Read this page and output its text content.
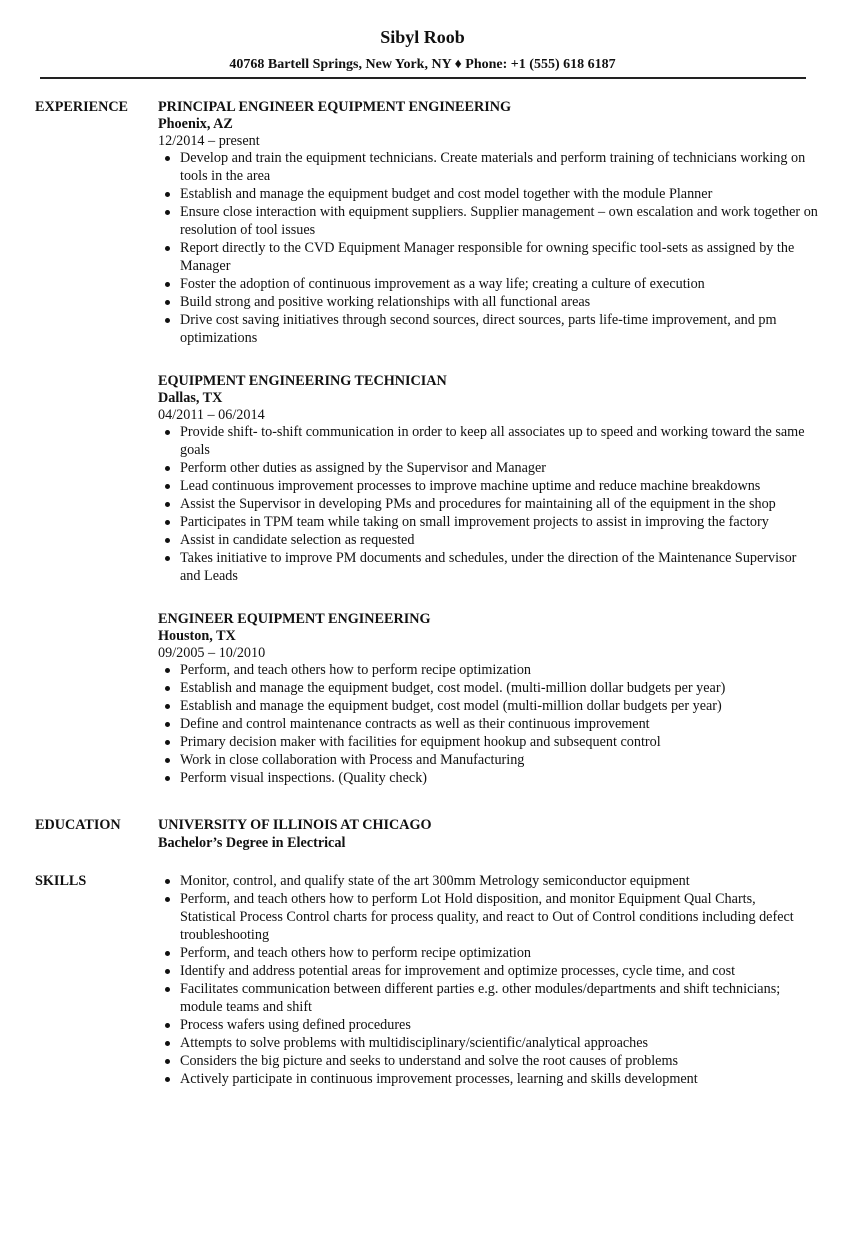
Sibyl Roob
40768 Bartell Springs, New York, NY ♦ Phone: +1 (555) 618 6187
EXPERIENCE PRINCIPAL ENGINEER EQUIPMENT ENGINEERING
Phoenix, AZ
12/2014 – present
Develop and train the equipment technicians. Create materials and perform training of technicians working on tools in the area
Establish and manage the equipment budget and cost model together with the module Planner
Ensure close interaction with equipment suppliers. Supplier management – own escalation and work together on resolution of tool issues
Report directly to the CVD Equipment Manager responsible for owning specific tool-sets as assigned by the Manager
Foster the adoption of continuous improvement as a way life; creating a culture of execution
Build strong and positive working relationships with all functional areas
Drive cost saving initiatives through second sources, direct sources, parts life-time improvement, and pm optimizations
EQUIPMENT ENGINEERING TECHNICIAN
Dallas, TX
04/2011 – 06/2014
Provide shift- to-shift communication in order to keep all associates up to speed and working toward the same goals
Perform other duties as assigned by the Supervisor and Manager
Lead continuous improvement processes to improve machine uptime and reduce machine breakdowns
Assist the Supervisor in developing PMs and procedures for maintaining all of the equipment in the shop
Participates in TPM team while taking on small improvement projects to assist in improving the factory
Assist in candidate selection as requested
Takes initiative to improve PM documents and schedules, under the direction of the Maintenance Supervisor and Leads
ENGINEER EQUIPMENT ENGINEERING
Houston, TX
09/2005 – 10/2010
Perform, and teach others how to perform recipe optimization
Establish and manage the equipment budget, cost model. (multi-million dollar budgets per year)
Establish and manage the equipment budget, cost model (multi-million dollar budgets per year)
Define and control maintenance contracts as well as their continuous improvement
Primary decision maker with facilities for equipment hookup and subsequent control
Work in close collaboration with Process and Manufacturing
Perform visual inspections. (Quality check)
EDUCATION	UNIVERSITY OF ILLINOIS AT CHICAGO
Bachelor’s Degree in Electrical
SKILLS	Monitor, control, and qualify state of the art 300mm Metrology semiconductor equipment
Perform, and teach others how to perform Lot Hold disposition, and monitor Equipment Qual Charts, Statistical Process Control charts for process quality, and react to Out of Control conditions including defect troubleshooting
Perform, and teach others how to perform recipe optimization
Identify and address potential areas for improvement and optimize processes, cycle time, and cost
Facilitates communication between different parties e.g. other modules/departments and shift technicians; module teams and shift
Process wafers using defined procedures
Attempts to solve problems with multidisciplinary/scientific/analytical approaches
Considers the big picture and seeks to understand and solve the root causes of problems
Actively participate in continuous improvement processes, learning and skills development
